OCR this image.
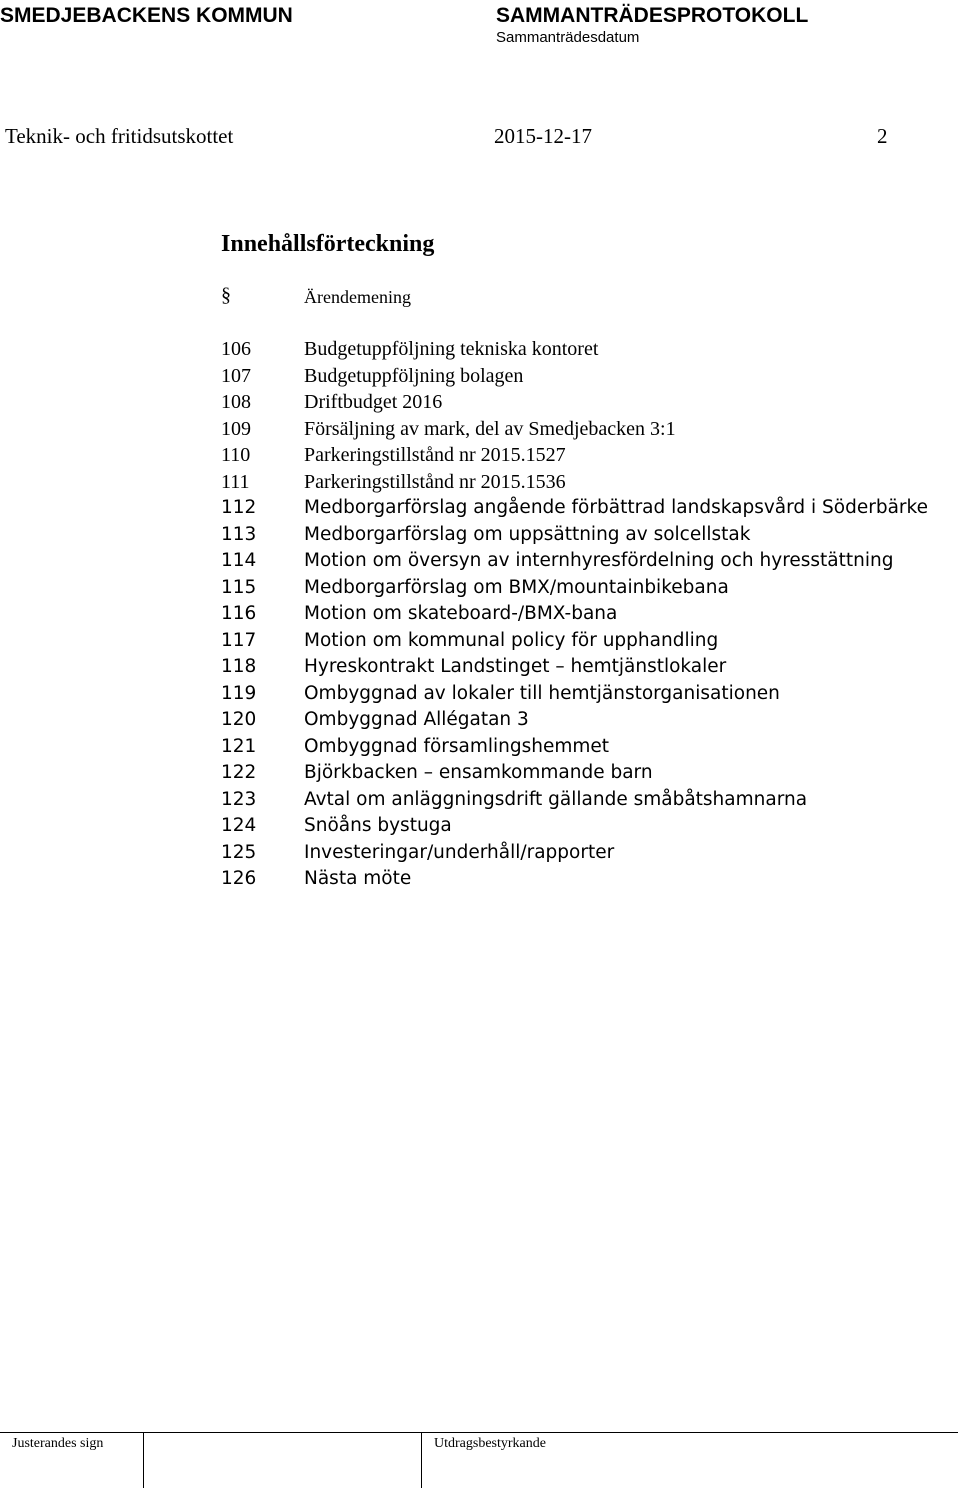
SMEDJEBACKENS KOMMUN	SAMMANTRÄDESPROTOKOLL
Sammanträdesdatum
Teknik- och fritidsutskottet	2015-12-17	2
Innehållsförteckning
§	Ärendemening
106	Budgetuppföljning tekniska kontoret
107	Budgetuppföljning bolagen
108	Driftbudget 2016
109	Försäljning av mark, del av Smedjebacken 3:1
110	Parkeringstillstånd nr 2015.1527
111	Parkeringstillstånd nr 2015.1536
112	Medborgarförslag angående förbättrad landskapsvård i Söderbärke
113	Medborgarförslag om uppsättning av solcellstak
114	Motion om översyn av internhyresfördelning och hyresstättning
115	Medborgarförslag om BMX/mountainbikebana
116	Motion om skateboard-/BMX-bana
117	Motion om kommunal policy för upphandling
118	Hyreskontrakt Landstinget – hemtjänstlokaler
119	Ombyggnad av lokaler till hemtjänstorganisationen
120	Ombyggnad Allégatan 3
121	Ombyggnad församlingshemmet
122	Björkbacken – ensamkommande barn
123	Avtal om anläggningsdrift gällande småbåtshamnarna
124	Snöåns bystuga
125	Investeringar/underhåll/rapporter
126	Nästa möte
Justerandes sign	Utdragsbestyrkande
